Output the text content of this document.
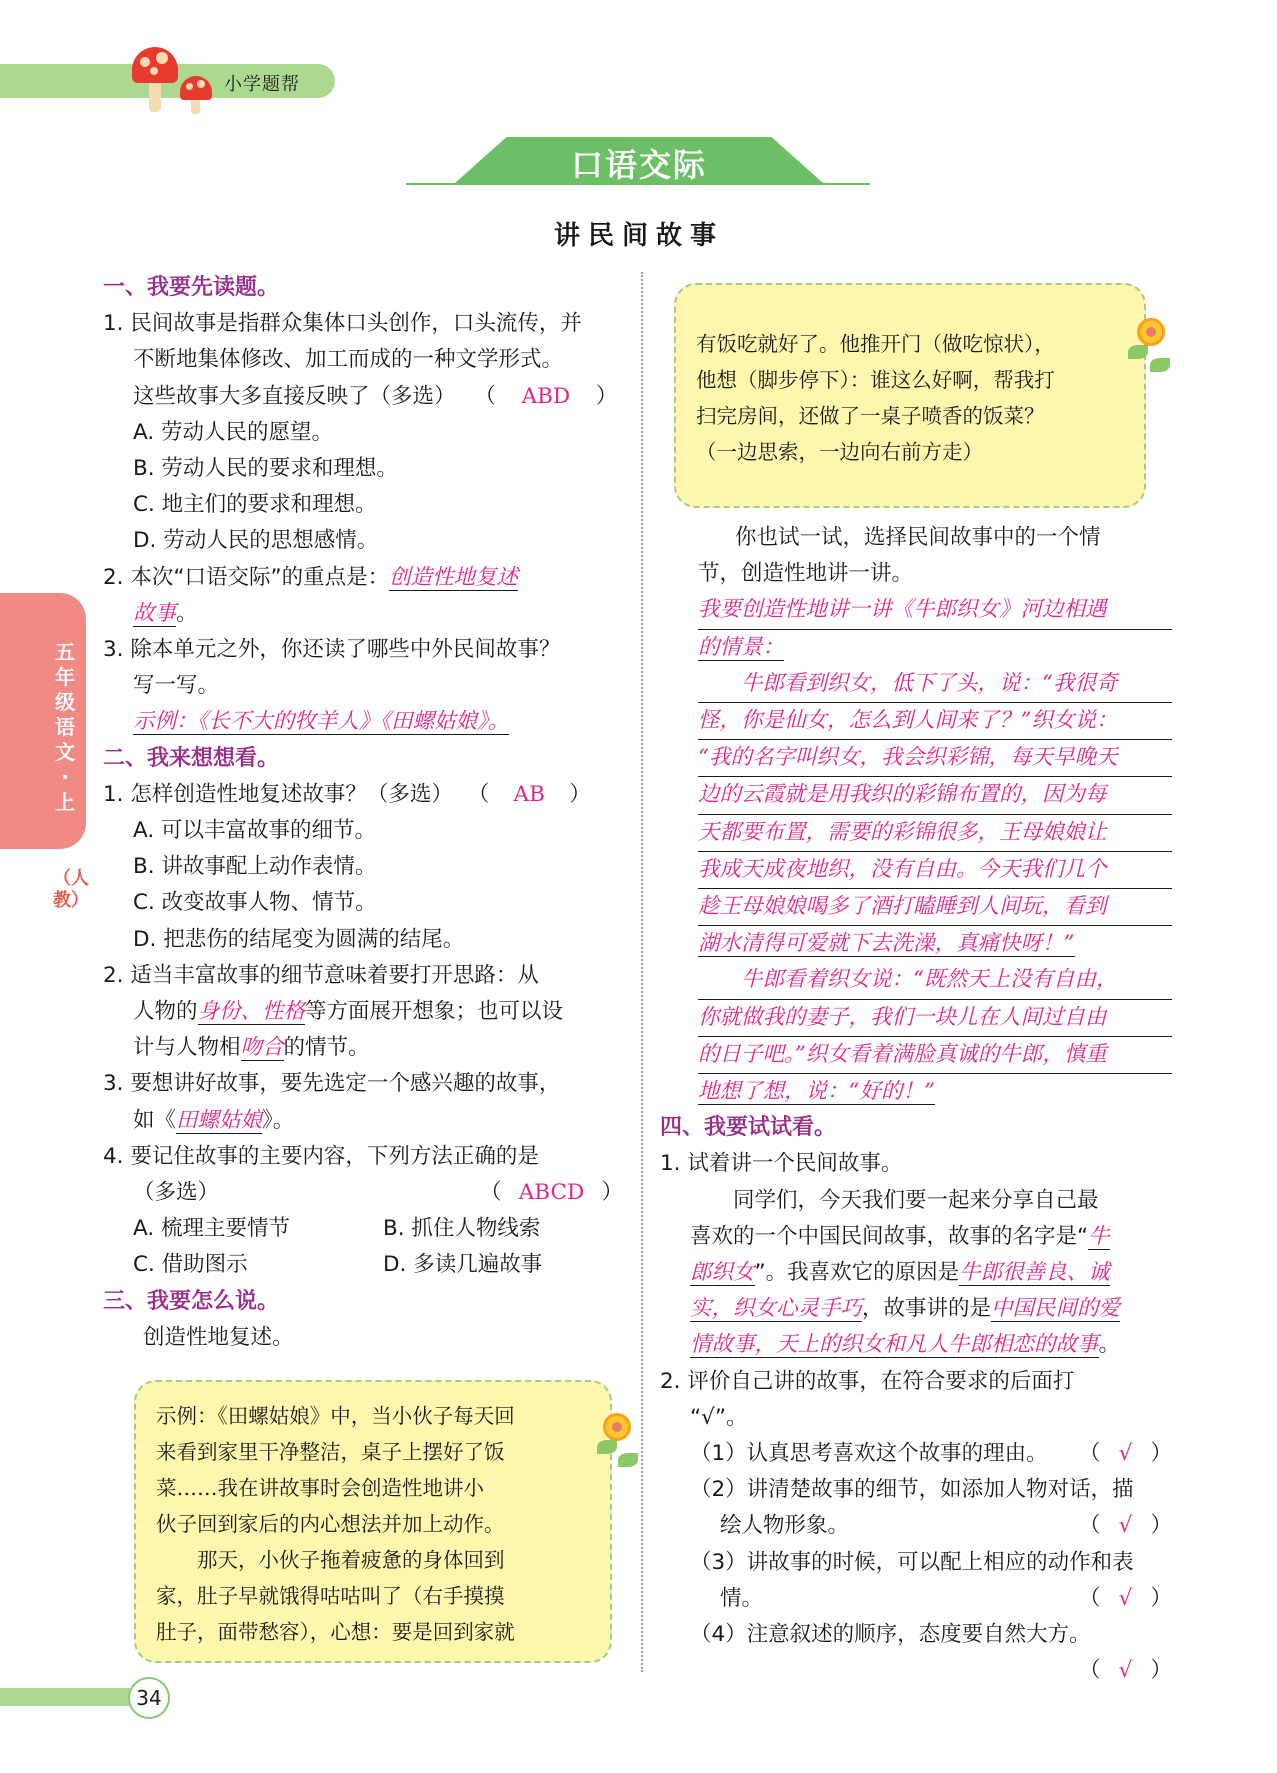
小学题帮
口语交际
讲民间故事
五年级语文·上
（人教）
一、我要先读题。
1. 民间故事是指群众集体口头创作，口头流传，并
不断地集体修改、加工而成的一种文学形式。
这些故事大多直接反映了（多选） （ ABD ）
A. 劳动人民的愿望。
B. 劳动人民的要求和理想。
C. 地主们的要求和理想。
D. 劳动人民的思想感情。
2. 本次“口语交际”的重点是：创造性地复述
故事。
3. 除本单元之外，你还读了哪些中外民间故事？
写一写。
示例：《长不大的牧羊人》《田螺姑娘》。
二、我来想想看。
1. 怎样创造性地复述故事？（多选） （ AB ）
A. 可以丰富故事的细节。
B. 讲故事配上动作表情。
C. 改变故事人物、情节。
D. 把悲伤的结尾变为圆满的结尾。
2. 适当丰富故事的细节意味着要打开思路：从
人物的身份、性格等方面展开想象；也可以设
计与人物相吻合的情节。
3. 要想讲好故事，要先选定一个感兴趣的故事，
如《田螺姑娘》。
4. 要记住故事的主要内容，下列方法正确的是
（多选）	（ ABCD ）
A. 梳理主要情节	B. 抓住人物线索
C. 借助图示	D. 多读几遍故事
三、我要怎么说。
创造性地复述。
示例：《田螺姑娘》中，当小伙子每天回
来看到家里干净整洁，桌子上摆好了饭
菜……我在讲故事时会创造性地讲小
伙子回到家后的内心想法并加上动作。
　　那天，小伙子拖着疲惫的身体回到
家，肚子早就饿得咕咕叫了（右手摸摸
肚子，面带愁容），心想：要是回到家就
有饭吃就好了。他推开门（做吃惊状），
他想（脚步停下）：谁这么好啊，帮我打
扫完房间，还做了一桌子喷香的饭菜？
（一边思索，一边向右前方走）
　　你也试一试，选择民间故事中的一个情
节，创造性地讲一讲。
我要创造性地讲一讲《牛郎织女》河边相遇
的情景：
　　牛郎看到织女，低下了头，说：“我很奇
怪，你是仙女，怎么到人间来了？”织女说：
“我的名字叫织女，我会织彩锦，每天早晚天
边的云霞就是用我织的彩锦布置的，因为每
天都要布置，需要的彩锦很多，王母娘娘让
我成天成夜地织，没有自由。今天我们几个
趁王母娘娘喝多了酒打瞌睡到人间玩，看到
湖水清得可爱就下去洗澡，真痛快呀！”
　　牛郎看着织女说：“既然天上没有自由，
你就做我的妻子，我们一块儿在人间过自由
的日子吧。”织女看着满脸真诚的牛郎，慎重
地想了想，说：“好的！”
四、我要试试看。
1. 试着讲一个民间故事。
　　同学们，今天我们要一起来分享自己最
喜欢的一个中国民间故事，故事的名字是“牛
郎织女”。我喜欢它的原因是牛郎很善良、诚
实，织女心灵手巧，故事讲的是中国民间的爱
情故事，天上的织女和凡人牛郎相恋的故事。
2. 评价自己讲的故事，在符合要求的后面打
“√”。
（1）认真思考喜欢这个故事的理由。 （ √ ）
（2）讲清楚故事的细节，如添加人物对话，描
绘人物形象。	（ √ ）
（3）讲故事的时候，可以配上相应的动作和表
情。	（ √ ）
（4）注意叙述的顺序，态度要自然大方。
（ √ ）
34
